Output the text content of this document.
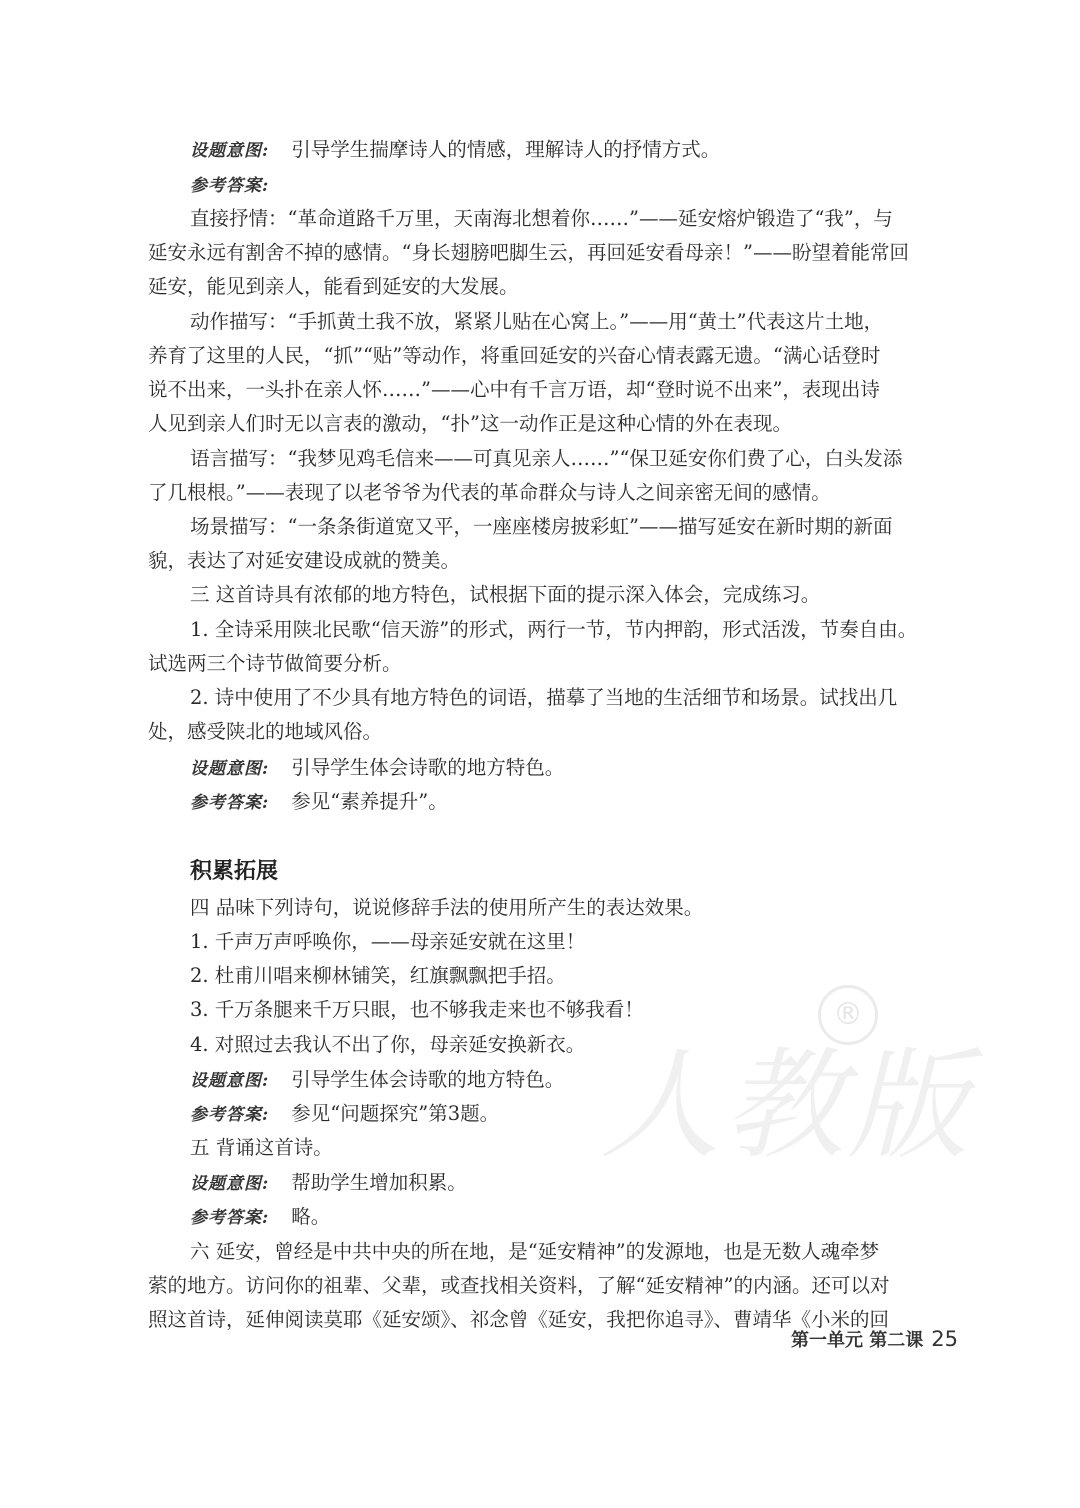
设题意图: 引导学生揣摩诗人的情感，理解诗人的抒情方式。
参考答案:
直接抒情：“革命道路千万里，天南海北想着你……”——延安熔炉锻造了“我”，与
延安永远有割舍不掉的感情。“身长翅膀吧脚生云，再回延安看母亲！”——盼望着能常回
延安，能见到亲人，能看到延安的大发展。
动作描写：“手抓黄土我不放，紧紧儿贴在心窝上。”——用“黄土”代表这片土地，
养育了这里的人民，“抓”“贴”等动作，将重回延安的兴奋心情表露无遗。“满心话登时
说不出来，一头扑在亲人怀……”——心中有千言万语，却“登时说不出来”，表现出诗
人见到亲人们时无以言表的激动，“扑”这一动作正是这种心情的外在表现。
语言描写：“我梦见鸡毛信来——可真见亲人……”“保卫延安你们费了心，白头发添
了几根根。”——表现了以老爷爷为代表的革命群众与诗人之间亲密无间的感情。
场景描写：“一条条街道宽又平，一座座楼房披彩虹”——描写延安在新时期的新面
貌，表达了对延安建设成就的赞美。
三 这首诗具有浓郁的地方特色，试根据下面的提示深入体会，完成练习。
1. 全诗采用陕北民歌“信天游”的形式，两行一节，节内押韵，形式活泼，节奏自由。
试选两三个诗节做简要分析。
2. 诗中使用了不少具有地方特色的词语，描摹了当地的生活细节和场景。试找出几
处，感受陕北的地域风俗。
设题意图: 引导学生体会诗歌的地方特色。
参考答案: 参见“素养提升”。
积累拓展
四 品味下列诗句，说说修辞手法的使用所产生的表达效果。
1. 千声万声呼唤你，——母亲延安就在这里！
2. 杜甫川唱来柳林铺笑，红旗飘飘把手招。
3. 千万条腿来千万只眼，也不够我走来也不够我看！
4. 对照过去我认不出了你，母亲延安换新衣。
设题意图: 引导学生体会诗歌的地方特色。
参考答案: 参见“问题探究”第3题。
五 背诵这首诗。
设题意图: 帮助学生增加积累。
参考答案: 略。
六 延安，曾经是中共中央的所在地，是“延安精神”的发源地，也是无数人魂牵梦
萦的地方。访问你的祖辈、父辈，或查找相关资料，了解“延安精神”的内涵。还可以对
照这首诗，延伸阅读莫耶《延安颂》、祁念曾《延安，我把你追寻》、曹靖华《小米的回
人教版
®
第一单元 第二课 25
